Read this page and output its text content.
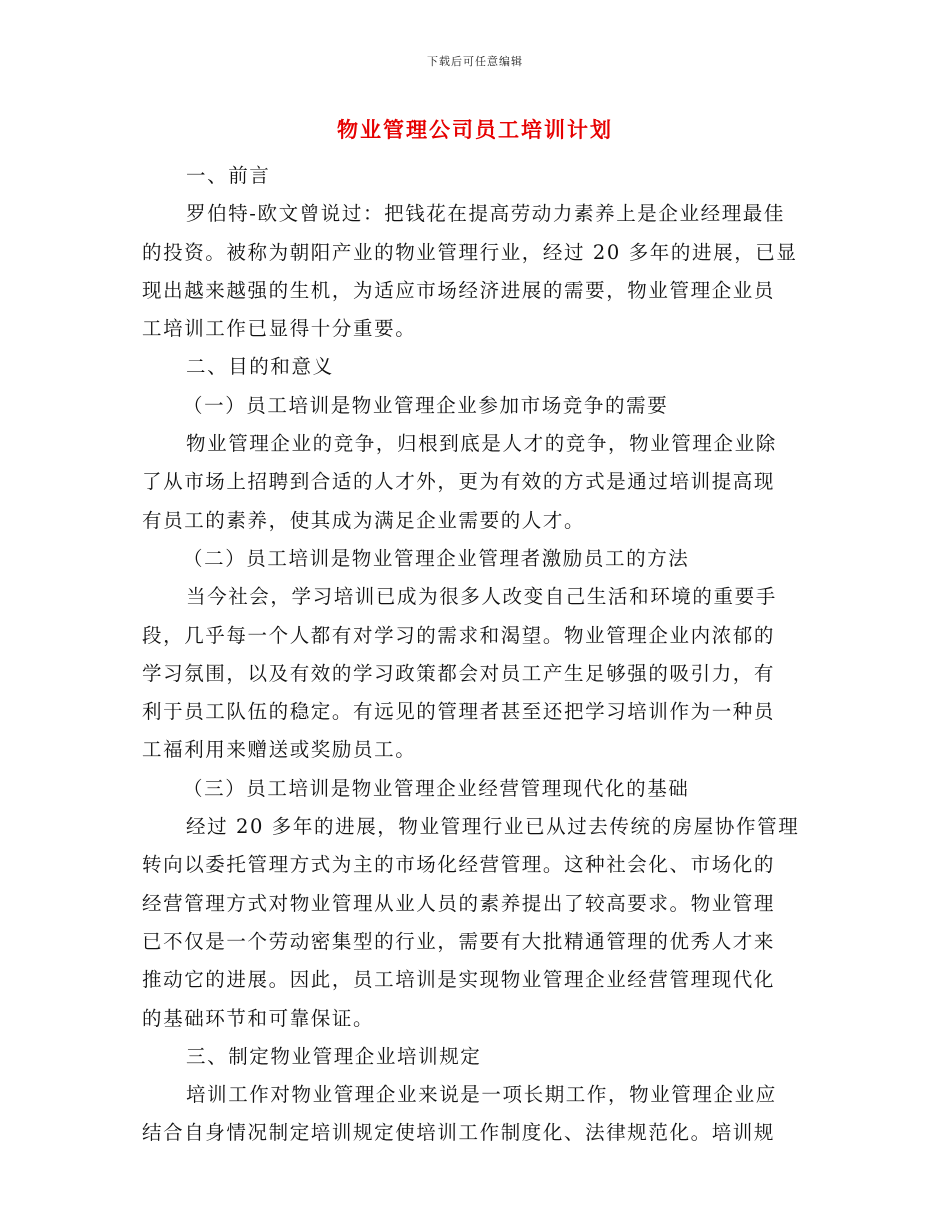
下载后可任意编辑
物业管理公司员工培训计划
一、前言
罗伯特-欧文曾说过：把钱花在提高劳动力素养上是企业经理最佳
的投资。被称为朝阳产业的物业管理行业，经过 20 多年的进展，已显
现出越来越强的生机，为适应市场经济进展的需要，物业管理企业员
工培训工作已显得十分重要。
二、目的和意义
（一）员工培训是物业管理企业参加市场竞争的需要
物业管理企业的竞争，归根到底是人才的竞争，物业管理企业除
了从市场上招聘到合适的人才外，更为有效的方式是通过培训提高现
有员工的素养，使其成为满足企业需要的人才。
（二）员工培训是物业管理企业管理者激励员工的方法
当今社会，学习培训已成为很多人改变自己生活和环境的重要手
段，几乎每一个人都有对学习的需求和渴望。物业管理企业内浓郁的
学习氛围，以及有效的学习政策都会对员工产生足够强的吸引力，有
利于员工队伍的稳定。有远见的管理者甚至还把学习培训作为一种员
工福利用来赠送或奖励员工。
（三）员工培训是物业管理企业经营管理现代化的基础
经过 20 多年的进展，物业管理行业已从过去传统的房屋协作管理
转向以委托管理方式为主的市场化经营管理。这种社会化、市场化的
经营管理方式对物业管理从业人员的素养提出了较高要求。物业管理
已不仅是一个劳动密集型的行业，需要有大批精通管理的优秀人才来
推动它的进展。因此，员工培训是实现物业管理企业经营管理现代化
的基础环节和可靠保证。
三、制定物业管理企业培训规定
培训工作对物业管理企业来说是一项长期工作，物业管理企业应
结合自身情况制定培训规定使培训工作制度化、法律规范化。培训规
